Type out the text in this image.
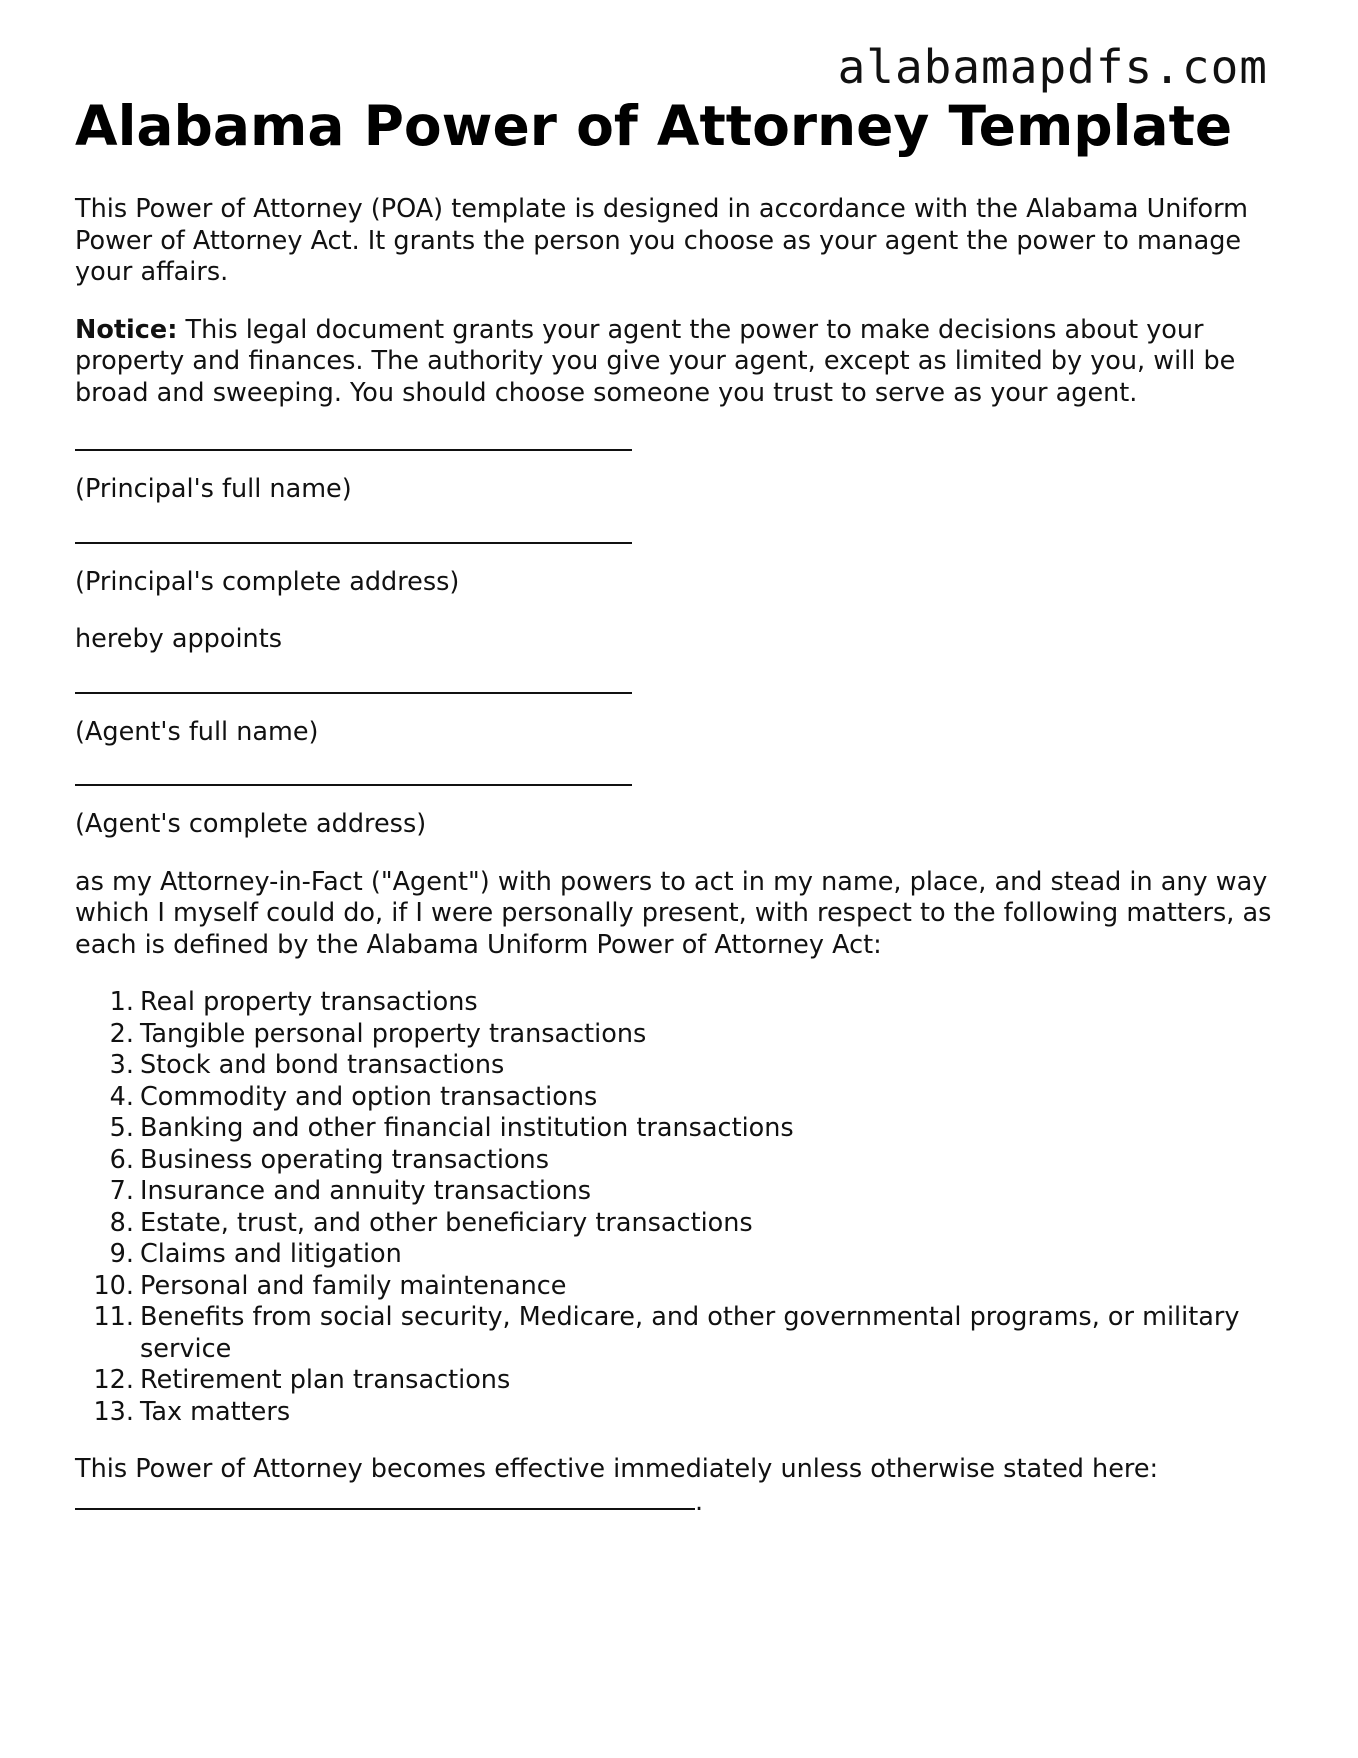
alabamapdfs.com
Alabama Power of Attorney Template

This Power of Attorney (POA) template is designed in accordance with the Alabama Uniform Power of Attorney Act. It grants the person you choose as your agent the power to manage your affairs.

Notice: This legal document grants your agent the power to make decisions about your property and finances. The authority you give your agent, except as limited by you, will be broad and sweeping. You should choose someone you trust to serve as your agent.

(Principal's full name)

(Principal's complete address)

hereby appoints

(Agent's full name)

(Agent's complete address)

as my Attorney-in-Fact ("Agent") with powers to act in my name, place, and stead in any way which I myself could do, if I were personally present, with respect to the following matters, as each is defined by the Alabama Uniform Power of Attorney Act:

1. Real property transactions
2. Tangible personal property transactions
3. Stock and bond transactions
4. Commodity and option transactions
5. Banking and other financial institution transactions
6. Business operating transactions
7. Insurance and annuity transactions
8. Estate, trust, and other beneficiary transactions
9. Claims and litigation
10. Personal and family maintenance
11. Benefits from social security, Medicare, and other governmental programs, or military service
12. Retirement plan transactions
13. Tax matters

This Power of Attorney becomes effective immediately unless otherwise stated here:
.
